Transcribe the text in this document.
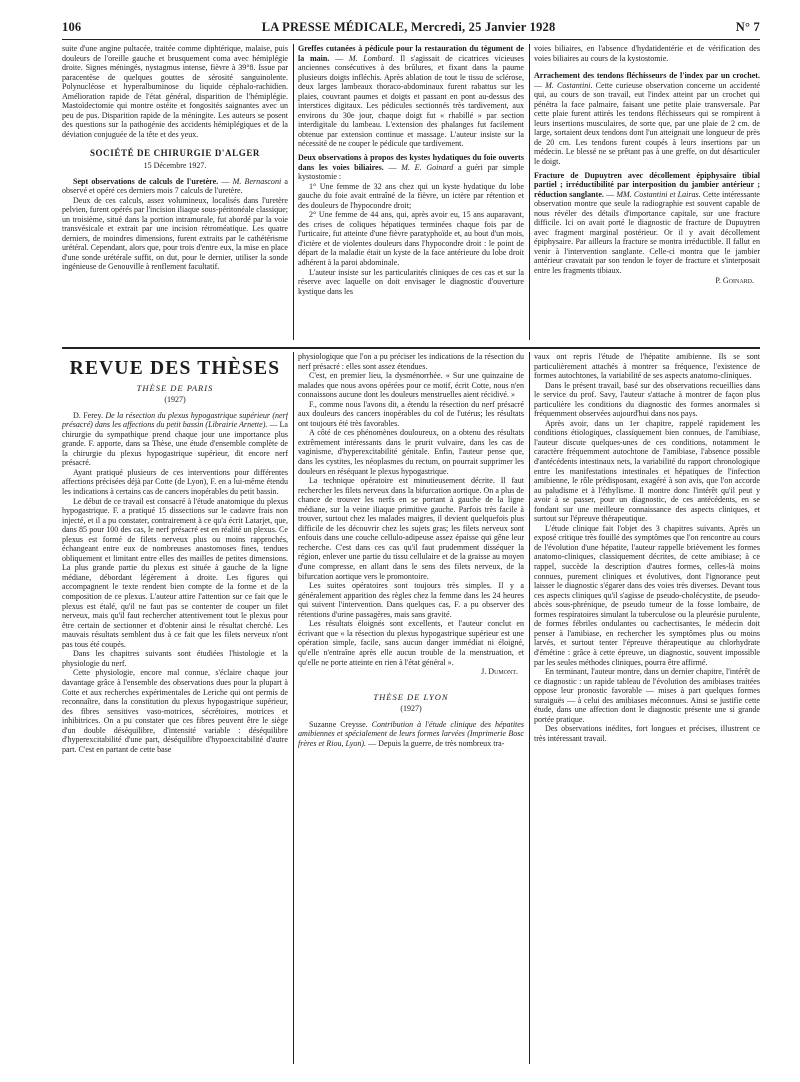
106	LA PRESSE MÉDICALE, Mercredi, 25 Janvier 1928	N° 7

suite d'une angine pultacée, traitée comme diphtérique, malaise, puis douleurs de l'oreille gauche et brusquement coma avec hémiplégie droite. Signes méningés, nystagmus intense, fièvre à 39°8. Issue par paracentèse de quelques gouttes de sérosité sanguinolente. Polynucléose et hyperalbuminose du liquide céphalo-rachidien. Amélioration rapide de l'état général, disparition de l'hémiplégie. Mastoïdectomie qui montre ostéite et fongosités saignantes avec un peu de pus. Disparition rapide de la méningite. Les auteurs se posent des questions sur la pathogénie des accidents hémiplégiques et de la déviation conjuguée de la tête et des yeux.

SOCIÉTÉ DE CHIRURGIE D'ALGER
15 Décembre 1927.

Sept observations de calculs de l'uretère. — M. Bernasconi a observé et opéré ces derniers mois 7 calculs de l'uretère.

Deux de ces calculs, assez volumineux, localisés dans l'uretère pelvien, furent opérés par l'incision iliaque sous-péritonéale classique; un troisième, situé dans la portion intramurale, fut abordé par la voie transvésicale et extrait par une incision rétroméatique. Les quatre derniers, de moindres dimensions, furent extraits par le cathétérisme urétéral. Cependant, alors que, pour trois d'entre eux, la mise en place d'une sonde urétérale suffit, on dut, pour le dernier, utiliser la sonde ingénieuse de Genouville à renflement facultatif.

Greffes cutanées à pédicule pour la restauration du tégument de la main. — M. Lombard. Il s'agissait de cicatrices vicieuses anciennes consécutives à des brûlures, et fixant dans la paume plusieurs doigts infléchis. Après ablation de tout le tissu de sclérose, deux larges lambeaux thoraco-abdominaux furent rabattus sur les plaies, couvrant paumes et doigts et passant en pont au-dessus des interstices digitaux. Les pédicules sectionnés très tardivement, aux environs du 30e jour, chaque doigt fut « rhabillé » par section interdigitale du lambeau. L'extension des phalanges fut facilement obtenue par extension continue et massage. L'auteur insiste sur la nécessité de ne couper le pédicule que tardivement.

Deux observations à propos des kystes hydatiques du foie ouverts dans les voies biliaires. — M. E. Goinard a guéri par simple kystostomie :

1° Une femme de 32 ans chez qui un kyste hydatique du lobe gauche du foie avait entraîné de la fièvre, un ictère par rétention et des douleurs de l'hypocondre droit;

2° Une femme de 44 ans, qui, après avoir eu, 15 ans auparavant, des crises de coliques hépatiques terminées chaque fois par de l'urticaire, fut atteinte d'une fièvre paratyphoïde et, au bout d'un mois, d'ictère et de violentes douleurs dans l'hypocondre droit : le point de départ de la maladie était un kyste de la face antérieure du lobe droit adhérent à la paroi abdominale.

L'auteur insiste sur les particularités cliniques de ces cas et sur la réserve avec laquelle on doit envisager le diagnostic d'ouverture kystique dans les

voies biliaires, en l'absence d'hydatidentérie et de vérification des voies biliaires au cours de la kystostomie.

Arrachement des tendons fléchisseurs de l'index par un crochet. — M. Costantini. Cette curieuse observation concerne un accidenté qui, au cours de son travail, eut l'index atteint par un crochet qui pénétra la face palmaire, faisant une petite plaie transversale. Par cette plaie furent attirés les tendons fléchisseurs qui se rompirent à leurs insertions musculaires, de sorte que, par une plaie de 2 cm. de large, sortaient deux tendons dont l'un atteignait une longueur de près de 20 cm. Les tendons furent coupés à leurs insertions par un médecin. Le blessé ne se prêtant pas à une greffe, on dut désarticuler le doigt.

Fracture de Dupuytren avec décollement épiphysaire tibial partiel ; irréductibilité par interposition du jambier antérieur ; réduction sanglante. — MM. Costantini et Lairas. Cette intéressante observation montre que seule la radiographie est souvent capable de nous révéler des détails d'importance capitale, sur une fracture difficile. Ici on avait porté le diagnostic de fracture de Dupuytren avec fragment marginal postérieur. Or il y avait décollement épiphysaire. Par ailleurs la fracture se montra irréductible. Il fallut en venir à l'intervention sanglante. Celle-ci montra que le jambier antérieur cravatait par son tendon le foyer de fracture et s'interposait entre les fragments tibiaux.

P. Goinard.
REVUE DES THÈSES
THÈSE DE PARIS
(1927)

D. Ferey. De la résection du plexus hypogastrique supérieur (nerf présacré) dans les affections du petit bassin (Librairie Arnette). — La chirurgie du sympathique prend chaque jour une importance plus grande. F. apporte, dans sa Thèse, une étude d'ensemble complète de la chirurgie du plexus hypogastrique supérieur, dit encore nerf présacré.

Ayant pratiqué plusieurs de ces interventions pour différentes affections précisées déjà par Cotte (de Lyon), F. en a lui-même étendu les indications à certains cas de cancers inopérables du petit bassin.

Le début de ce travail est consacré à l'étude anatomique du plexus hypogastrique. F. a pratiqué 15 dissections sur le cadavre frais non injecté, et il a pu constater, contrairement à ce qu'a écrit Latarjet, que, dans 85 pour 100 des cas, le nerf présacré est en réalité un plexus. Ce plexus est formé de filets nerveux plus ou moins rapprochés, échangeant entre eux de nombreuses anastomoses fines, tendues obliquement et limitant entre elles des mailles de petites dimensions. La plus grande partie du plexus est située à gauche de la ligne médiane, débordant légèrement à droite. Les figures qui accompagnent le texte rendent bien compte de la forme et de la composition de ce plexus. L'auteur attire l'attention sur ce fait que le plexus est étalé, qu'il ne faut pas se contenter de couper un filet nerveux, mais qu'il faut rechercher attentivement tout le plexus pour être certain de sectionner et d'obtenir ainsi le résultat cherché. Les mauvais résultats semblent dus à ce fait que les filets nerveux n'ont pas tous été coupés.

Dans les chapitres suivants sont étudiées l'histologie et la physiologie du nerf.

Cette physiologie, encore mal connue, s'éclaire chaque jour davantage grâce à l'ensemble des observations dues pour la plupart à Cotte et aux recherches expérimentales de Leriche qui ont permis de reconnaître, dans la constitution du plexus hypogastrique supérieur, des fibres sensitives vaso-motrices, sécrétoires, motrices et inhibitrices. On a pu constater que ces fibres peuvent être le siège d'un double déséquilibre, d'intensité variable : déséquilibre d'hyperexcitabilité d'une part, déséquilibre d'hypoexcitabilité d'autre part. C'est en partant de cette base

physiologique que l'on a pu préciser les indications de la résection du nerf présacré : elles sont assez étendues.

C'est, en premier lieu, la dysménorrhée. « Sur une quinzaine de malades que nous avons opérées pour ce motif, écrit Cotte, nous n'en connaissons aucune dont les douleurs menstruelles aient récidivé. »

F., comme nous l'avons dit, a étendu la résection du nerf présacré aux douleurs des cancers inopérables du col de l'utérus; les résultats ont toujours été très favorables.

A côté de ces phénomènes douloureux, on a obtenu des résultats extrêmement intéressants dans le prurit vulvaire, dans les cas de vaginisme, d'hyperexcitabilité génitale. Enfin, l'auteur pense que, dans les cystites, les néoplasmes du rectum, on pourrait supprimer les douleurs en réséquant le plexus hypogastrique.

La technique opératoire est minutieusement décrite. Il faut rechercher les filets nerveux dans la bifurcation aortique. On a plus de chance de trouver les nerfs en se portant à gauche de la ligne médiane, sur la veine iliaque primitive gauche. Parfois très facile à trouver, surtout chez les malades maigres, il devient quelquefois plus difficile de les découvrir chez les sujets gras; les filets nerveux sont enfouis dans une couche cellulo-adipeuse assez épaisse qui gêne leur recherche. C'est dans ces cas qu'il faut prudemment disséquer la région, enlever une partie du tissu cellulaire et de la graisse au moyen d'une compresse, en allant dans le sens des filets nerveux, de la bifurcation aortique vers le promontoire.

Les suites opératoires sont toujours très simples. Il y a généralement apparition des règles chez la femme dans les 24 heures qui suivent l'intervention. Dans quelques cas, F. a pu observer des rétentions d'urine passagères, mais sans gravité.

Les résultats éloignés sont excellents, et l'auteur conclut en écrivant que « la résection du plexus hypogastrique supérieur est une opération simple, facile, sans aucun danger immédiat ni éloigné, qu'elle n'entraîne après elle aucun trouble de la menstruation, et qu'elle ne porte atteinte en rien à l'état général ».

J. Dumont.
THÈSE DE LYON
(1927)

Suzanne Creysse. Contribution à l'étude clinique des hépatites amibiennes et spécialement de leurs formes larvées (Imprimerie Bosc frères et Riou, Lyon). — Depuis la guerre, de très nombreux tra-

vaux ont repris l'étude de l'hépatite amibienne. Ils se sont particulièrement attachés à montrer sa fréquence, l'existence de formes autochtones, la variabilité de ses aspects anatomo-cliniques.

Dans le présent travail, basé sur des observations recueillies dans le service du prof. Savy, l'auteur s'attache à montrer de façon plus particulière les conditions du diagnostic des formes anormales si fréquemment observées aujourd'hui dans nos pays.

Après avoir, dans un 1er chapitre, rappelé rapidement les conditions étiologiques, classiquement bien connues, de l'amibiase, l'auteur discute quelques-unes de ces conditions, notamment le caractère fréquemment autochtone de l'amibiase, l'absence possible d'antécédents intestinaux nets, la variabilité du rapport chronologique entre les manifestations intestinales et hépatiques de l'infection amibienne, le rôle prédisposant, exagéré à son avis, que l'on accorde au paludisme et à l'éthylisme. Il montre donc l'intérêt qu'il peut y avoir à se passer, pour un diagnostic, de ces antécédents, en se fondant sur une meilleure connaissance des aspects cliniques, et surtout sur l'épreuve thérapeutique.

L'étude clinique fait l'objet des 3 chapitres suivants. Après un exposé critique très fouillé des symptômes que l'on rencontre au cours de l'évolution d'une hépatite, l'auteur rappelle brièvement les formes anatomo-cliniques, classiquement décrites, de cette amibiase; à ce rappel, succède la description d'autres formes, celles-là moins connues, purement cliniques et évolutives, dont l'ignorance peut laisser le diagnostic s'égarer dans des voies très diverses. Devant tous ces aspects cliniques qu'il s'agisse de pseudo-cholécystite, de pseudo-abcès sous-phrénique, de pseudo tumeur de la fosse lombaire, de formes respiratoires simulant la tuberculose ou la pleurésie purulente, de formes fébriles ondulantes ou cachectisantes, le médecin doit penser à l'amibiase, en rechercher les symptômes plus ou moins larvés, et surtout tenter l'épreuve thérapeutique au chlorhydrate d'émétine : grâce à cette épreuve, un diagnostic, souvent impossible par les seules méthodes cliniques, pourra être affirmé.

En terminant, l'auteur montre, dans un dernier chapitre, l'intérêt de ce diagnostic : un rapide tableau de l'évolution des amibiases traitées oppose leur pronostic favorable — mises à part quelques formes suraiguës — à celui des amibiases méconnues. Ainsi se justifie cette étude, dans une affection dont le diagnostic présente une si grande portée pratique.

Des observations inédites, fort longues et précises, illustrent ce très intéressant travail.
